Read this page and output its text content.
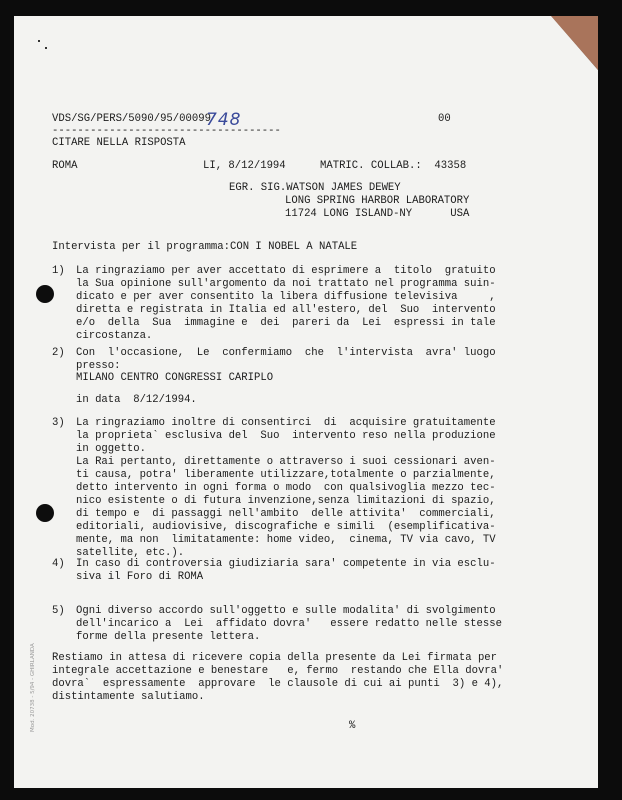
VDS/SG/PERS/5090/95/00099

748	00

------------------------------------

CITARE NELLA RISPOSTA

ROMA	LI, 8/12/1994	MATRIC. COLLAB.:  43358

EGR. SIG.WATSON JAMES DEWEY

LONG SPRING HARBOR LABORATORY

11724 LONG ISLAND-NY      USA

Intervista per il programma:CON I NOBEL A NATALE

1) La ringraziamo per aver accettato di esprimere a  titolo  gratuito

la Sua opinione sull'argomento da noi trattato nel programma suin-

dicato e per aver consentito la libera diffusione televisiva     ,

diretta e registrata in Italia ed all'estero, del  Suo  intervento

e/o  della  Sua  immagine e  dei  pareri da  Lei  espressi in tale

circostanza.

2) Con  l'occasione,  Le  confermiamo  che  l'intervista  avra' luogo

presso:

MILANO CENTRO CONGRESSI CARIPLO

in data  8/12/1994.

3) La ringraziamo inoltre di consentirci  di  acquisire gratuitamente

la proprieta` esclusiva del  Suo  intervento reso nella produzione

in oggetto.

La Rai pertanto, direttamente o attraverso i suoi cessionari aven-

ti causa, potra' liberamente utilizzare,totalmente o parzialmente,

detto intervento in ogni forma o modo  con qualsivoglia mezzo tec-

nico esistente o di futura invenzione,senza limitazioni di spazio,

di tempo e  di passaggi nell'ambito  delle attivita'  commerciali,

editoriali, audiovisive, discografiche e simili  (esemplificativa-

mente, ma non  limitatamente: home video,  cinema, TV via cavo, TV

satellite, etc.).

4) In caso di controversia giudiziaria sara' competente in via esclu-

siva il Foro di ROMA

5) Ogni diverso accordo sull'oggetto e sulle modalita' di svolgimento

dell'incarico a  Lei  affidato dovra'   essere redatto nelle stesse

forme della presente lettera.

Restiamo in attesa di ricevere copia della presente da Lei firmata per

integrale accettazione e benestare   e, fermo  restando che Ella dovra'

dovra`  espressamente  approvare  le clausole di cui ai punti  3) e 4),

distintamente salutiamo.

%

Mod. 20738 - 5/94 - GHIRLANDA
